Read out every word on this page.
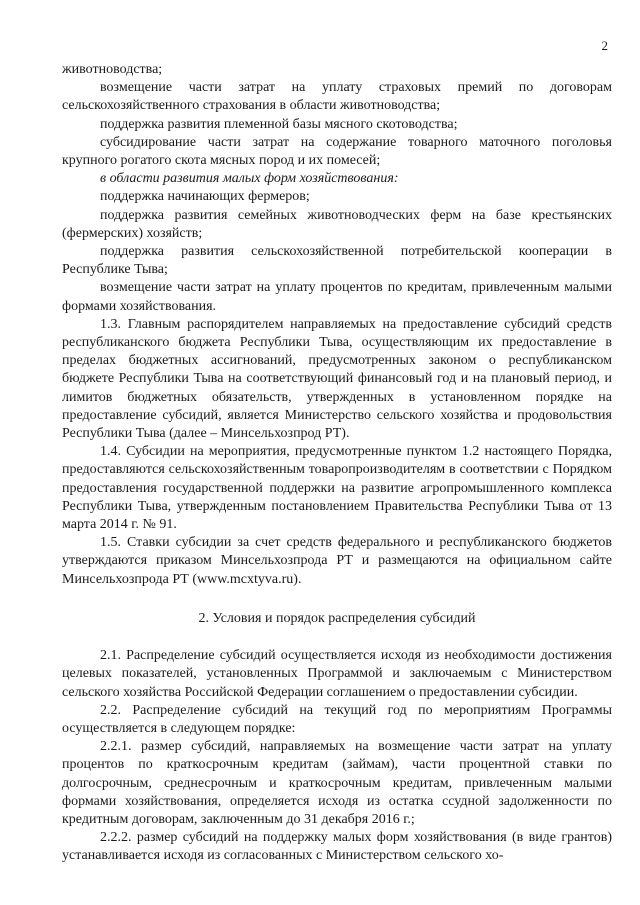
2

животноводства;

возмещение части затрат на уплату страховых премий по договорам сельскохозяйственного страхования в области животноводства;

поддержка развития племенной базы мясного скотоводства;

субсидирование части затрат на содержание товарного маточного поголовья крупного рогатого скота мясных пород и их помесей;

в области развития малых форм хозяйствования:

поддержка начинающих фермеров;

поддержка развития семейных животноводческих ферм на базе крестьянских (фермерских) хозяйств;

поддержка развития сельскохозяйственной потребительской кооперации в Республике Тыва;

возмещение части затрат на уплату процентов по кредитам, привлеченным малыми формами хозяйствования.

1.3. Главным распорядителем направляемых на предоставление субсидий средств республиканского бюджета Республики Тыва, осуществляющим их предоставление в пределах бюджетных ассигнований, предусмотренных законом о республиканском бюджете Республики Тыва на соответствующий финансовый год и на плановый период, и лимитов бюджетных обязательств, утвержденных в установленном порядке на предоставление субсидий, является Министерство сельского хозяйства и продовольствия Республики Тыва (далее – Минсельхозпрод РТ).

1.4. Субсидии на мероприятия, предусмотренные пунктом 1.2 настоящего Порядка, предоставляются сельскохозяйственным товаропроизводителям в соответствии с Порядком предоставления государственной поддержки на развитие агропромышленного комплекса Республики Тыва, утвержденным постановлением Правительства Республики Тыва от 13 марта 2014 г. № 91.

1.5. Ставки субсидии за счет средств федерального и республиканского бюджетов утверждаются приказом Минсельхозпрода РТ и размещаются на официальном сайте Минсельхозпрода РТ (www.mcxtyva.ru).

2. Условия и порядок распределения субсидий

2.1. Распределение субсидий осуществляется исходя из необходимости достижения целевых показателей, установленных Программой и заключаемым с Министерством сельского хозяйства Российской Федерации соглашением о предоставлении субсидии.

2.2. Распределение субсидий на текущий год по мероприятиям Программы осуществляется в следующем порядке:

2.2.1. размер субсидий, направляемых на возмещение части затрат на уплату процентов по краткосрочным кредитам (займам), части процентной ставки по долгосрочным, среднесрочным и краткосрочным кредитам, привлеченным малыми формами хозяйствования, определяется исходя из остатка ссудной задолженности по кредитным договорам, заключенным до 31 декабря 2016 г.;

2.2.2. размер субсидий на поддержку малых форм хозяйствования (в виде грантов) устанавливается исходя из согласованных с Министерством сельского хо-
